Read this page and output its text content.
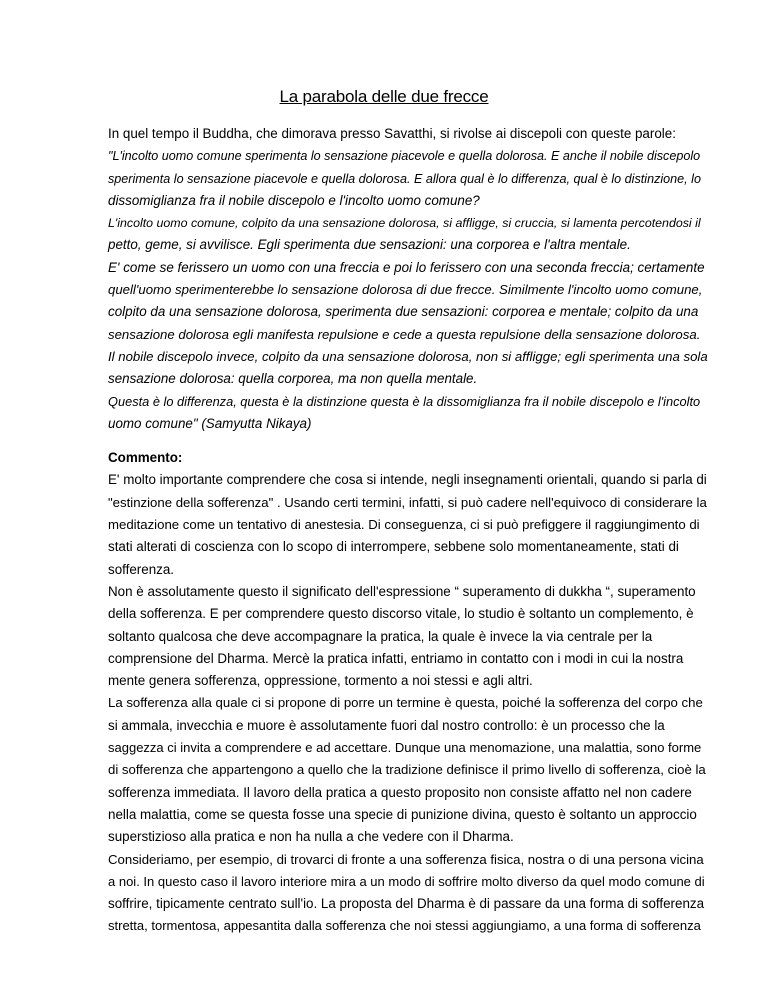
La parabola delle due frecce
In quel tempo il Buddha, che dimorava presso Savatthi, si rivolse ai discepoli con queste parole:
"L'incolto uomo comune sperimenta lo sensazione piacevole e quella dolorosa. E anche il nobile discepolo
sperimenta lo sensazione piacevole e quella dolorosa. E allora qual è lo differenza, qual è lo distinzione, lo
dissomiglianza fra il nobile discepolo e l'incolto uomo comune?
L'incolto uomo comune, colpito da una sensazione dolorosa, si affligge, si cruccia, si lamenta percotendosi il
petto, geme, si avvilisce. Egli sperimenta due sensazioni: una corporea e l'altra mentale.
E' come se ferissero un uomo con una freccia e poi lo ferissero con una seconda freccia; certamente
quell'uomo sperimenterebbe lo sensazione dolorosa di due frecce. Similmente l'incolto uomo comune,
colpito da una sensazione dolorosa, sperimenta due sensazioni: corporea e mentale; colpito da una
sensazione dolorosa egli manifesta repulsione e cede a questa repulsione della sensazione dolorosa.
Il nobile discepolo invece, colpito da una sensazione dolorosa, non si affligge; egli sperimenta una sola
sensazione dolorosa: quella corporea, ma non quella mentale.
Questa è lo differenza, questa è la distinzione questa è la dissomiglianza fra il nobile discepolo e l'incolto
uomo comune" (Samyutta Nikaya)
Commento:
E' molto importante comprendere che cosa si intende, negli insegnamenti orientali, quando si parla di
"estinzione della sofferenza" . Usando certi termini, infatti, si può cadere nell'equivoco di considerare la
meditazione come un tentativo di anestesia. Di conseguenza, ci si può prefiggere il raggiungimento di
stati alterati di coscienza con lo scopo di interrompere, sebbene solo momentaneamente, stati di
sofferenza.
Non è assolutamente questo il significato dell'espressione “ superamento di dukkha “, superamento
della sofferenza. E per comprendere questo discorso vitale, lo studio è soltanto un complemento, è
soltanto qualcosa che deve accompagnare la pratica, la quale è invece la via centrale per la
comprensione del Dharma. Mercè la pratica infatti, entriamo in contatto con i modi in cui la nostra
mente genera sofferenza, oppressione, tormento a noi stessi e agli altri.
La sofferenza alla quale ci si propone di porre un termine è questa, poiché la sofferenza del corpo che
si ammala, invecchia e muore è assolutamente fuori dal nostro controllo: è un processo che la
saggezza ci invita a comprendere e ad accettare. Dunque una menomazione, una malattia, sono forme
di sofferenza che appartengono a quello che la tradizione definisce il primo livello di sofferenza, cioè la
sofferenza immediata. Il lavoro della pratica a questo proposito non consiste affatto nel non cadere
nella malattia, come se questa fosse una specie di punizione divina, questo è soltanto un approccio
superstizioso alla pratica e non ha nulla a che vedere con il Dharma.
Consideriamo, per esempio, di trovarci di fronte a una sofferenza fisica, nostra o di una persona vicina
a noi. In questo caso il lavoro interiore mira a un modo di soffrire molto diverso da quel modo comune di
soffrire, tipicamente centrato sull'io. La proposta del Dharma è di passare da una forma di sofferenza
stretta, tormentosa, appesantita dalla sofferenza che noi stessi aggiungiamo, a una forma di sofferenza
